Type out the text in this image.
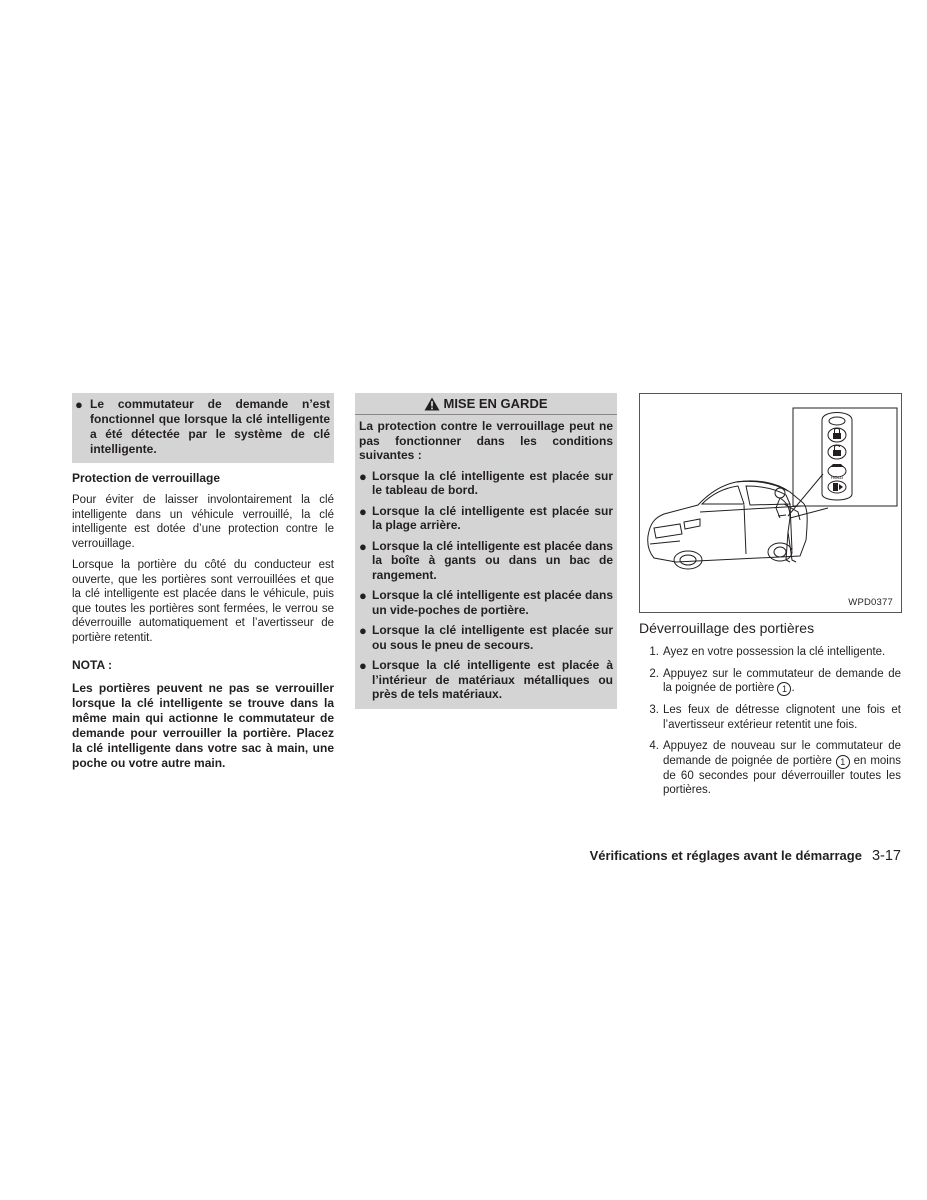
● Le commutateur de demande n’est fonctionnel que lorsque la clé intelligente a été détectée par le système de clé intelligente.

Protection de verrouillage

Pour éviter de laisser involontairement la clé intelligente dans un véhicule verrouillé, la clé intelligente est dotée d’une protection contre le verrouillage.

Lorsque la portière du côté du conducteur est ouverte, que les portières sont verrouillées et que la clé intelligente est placée dans le véhicule, puis que toutes les portières sont fermées, le verrou se déverrouille automatiquement et l’avertisseur de portière retentit.

NOTA :

Les portières peuvent ne pas se verrouiller lorsque la clé intelligente se trouve dans la même main qui actionne le commutateur de demande pour verrouiller la portière. Placez la clé intelligente dans votre sac à main, une poche ou votre autre main.

MISE EN GARDE

La protection contre le verrouillage peut ne pas fonctionner dans les conditions suivantes :

● Lorsque la clé intelligente est placée sur le tableau de bord.
● Lorsque la clé intelligente est placée sur la plage arrière.
● Lorsque la clé intelligente est placée dans la boîte à gants ou dans un bac de rangement.
● Lorsque la clé intelligente est placée dans un vide-poches de portière.
● Lorsque la clé intelligente est placée sur ou sous le pneu de secours.
● Lorsque la clé intelligente est placée à l’intérieur de matériaux métalliques ou près de tels matériaux.
HOLD
WPD0377

Déverrouillage des portières

1. Ayez en votre possession la clé intelligente.
2. Appuyez sur le commutateur de demande de la poignée de portière 1 .
3. Les feux de détresse clignotent une fois et l’avertisseur extérieur retentit une fois.
4. Appuyez de nouveau sur le commutateur de demande de poignée de portière 1 en moins de 60 secondes pour déverrouiller toutes les portières.
Vérifications et réglages avant le démarrage 3-17
